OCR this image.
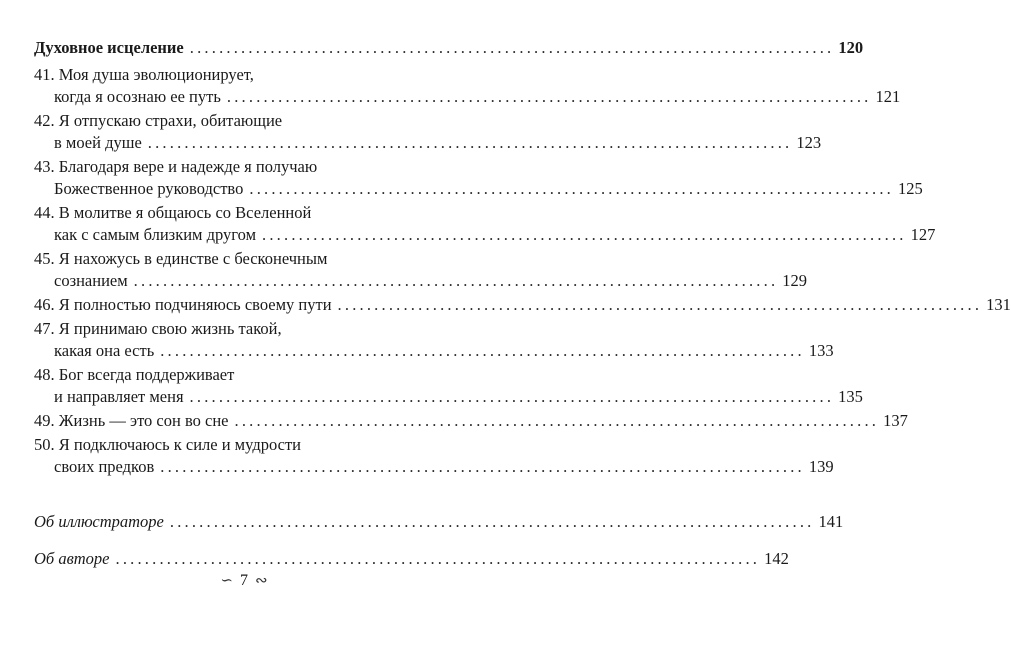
Духовное исцеление ........................................................................................ 120
41. Моя душа эволюционирует,
когда я осознаю ее путь ........................................................................................ 121
42. Я отпускаю страхи, обитающие
в моей душе ........................................................................................ 123
43. Благодаря вере и надежде я получаю
Божественное руководство ........................................................................................ 125
44. В молитве я общаюсь со Вселенной
как с самым близким другом ........................................................................................ 127
45. Я нахожусь в единстве с бесконечным
сознанием ........................................................................................ 129
46. Я полностью подчиняюсь своему пути ........................................................................................ 131
47. Я принимаю свою жизнь такой,
какая она есть ........................................................................................ 133
48. Бог всегда поддерживает
и направляет меня ........................................................................................ 135
49. Жизнь — это сон во сне ........................................................................................ 137
50. Я подключаюсь к силе и мудрости
своих предков ........................................................................................ 139
Об иллюстраторе ........................................................................................ 141
Об авторе ........................................................................................ 142
∽ 7 ∾
